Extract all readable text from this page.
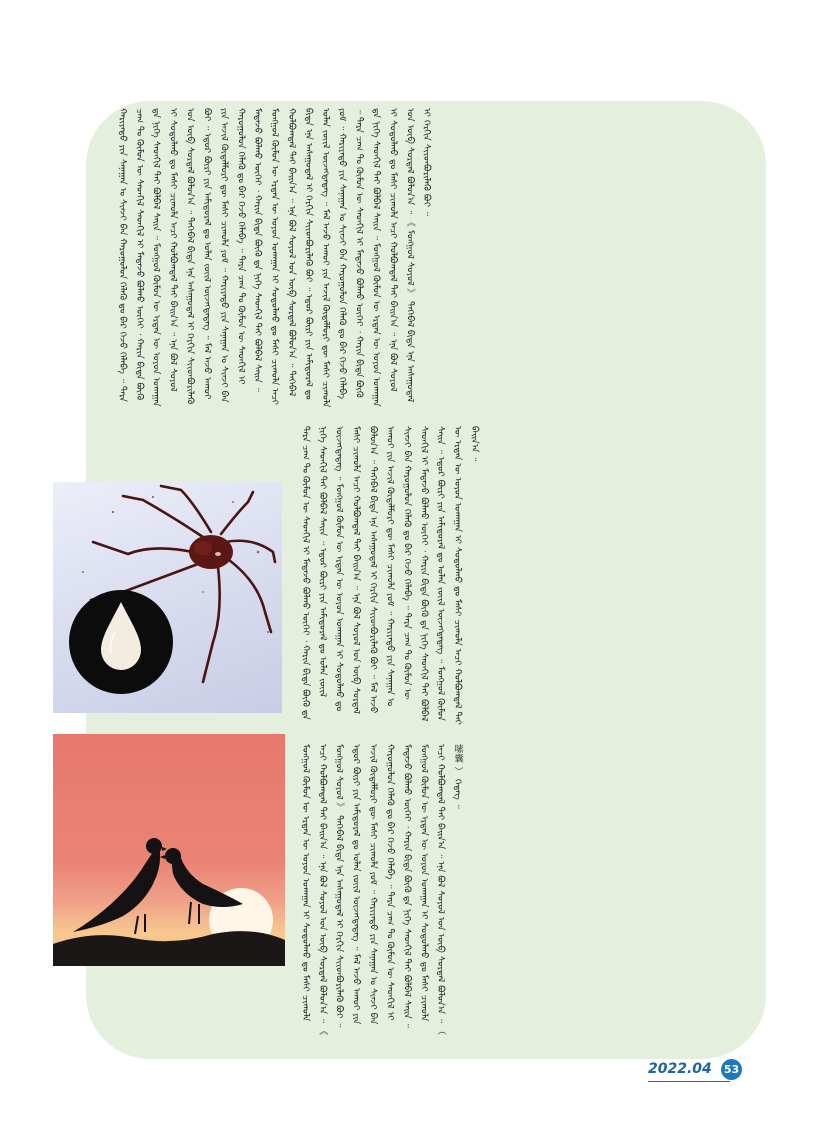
ᠬᠠᠷᠢᠶᠠᠲᠤ ᠶᠢᠨ ᠰᠠᠨᠠᠭᠠᠨ ᠤ ᠰᠢᠨᠵᠢ ᠪᠠᠨ ᠬᠠᠷᠤᠭᠤᠯᠤᠨ ᠬᠡᠯᠡᠬᠦ ᠳᠤ ᠪᠡᠷ ᠭᠡᠵᠦ ᠬᠡᠯᠡᠪᠡ ᠃ ᠲᠡᠷᠡ ᠴᠠᠭ ᠲᠤ ᠬᠦᠮᠦᠨ ᠦ ᠰᠡᠳᠬᠢᠯ ᠰᠡᠳᠬᠢᠯ ᠢ ᠮᠡᠳᠡᠵᠦ ᠪᠣᠯᠬᠤ ᠦᠭᠡᠢ ᠂ ᠬᠠᠷᠢᠨ ᠪᠢᠳᠡ ᠪᠦᠬᠦ ᠳᠠ ᠨᠢᠭᠡ ᠰᠡᠳᠬᠢᠯ ᠲᠡᠢ ᠪᠣᠯᠪᠠᠯ ᠰᠠᠢᠨ ᠃ ᠮᠣᠩᠭᠣᠯ ᠬᠦᠮᠦᠨ ᠦ ᠡᠷᠲᠡᠨ ᠦ ᠣᠶᠤᠨ ᠤᠬᠠᠭᠠᠨ ᠢ ᠰᠤᠳᠤᠯᠬᠤ ᠳᠤ ᠮᠠᠰᠢ ᠴᠢᠬᠤᠯᠠ ᠠᠴᠢ ᠬᠣᠯᠪᠣᠭᠳᠠᠯ ᠲᠠᠢ ᠪᠠᠢᠨ᠎ᠠ ᠃ ᠡᠨᠡ ᠪᠣᠯ ᠰᠣᠶᠣᠯ ᠤᠨ ᠦᠪ ᠰᠤᠷᠲᠠᠯ ᠪᠣᠯᠤᠨ᠎ᠠ ᠃ ᠲᠡᠭᠡᠪᠡᠯ ᠪᠢᠳᠡ ᠡᠨᠡ ᠠᠰᠠᠭᠤᠳᠠᠯ ᠢ ᠬᠡᠷᠬᠢᠨ ᠰᠢᠢᠳᠪᠦᠷᠢᠯᠡᠬᠦ ᠪᠤᠢ ᠃ ᠡᠳᠦᠷ ᠪᠦᠷᠢ ᠶᠢᠨ ᠠᠮᠢᠳᠤᠷᠠᠯ ᠳᠤ ᠣᠯᠠᠨ ᠵᠦᠢᠯ ᠦᠵᠡᠭᠳᠡᠳᠡᠭ ᠃ ᠮᠠᠯ ᠠᠵᠤ ᠠᠬᠤᠢ ᠶᠢᠨ ᠠᠵᠢᠯ ᠬᠥᠳᠡᠯᠮᠦᠷᠢ ᠳᠦ ᠮᠠᠰᠢ ᠴᠢᠬᠤᠯᠠ ᠶᠤᠮ ᠃ ᠬᠠᠷᠢᠶᠠᠲᠤ ᠶᠢᠨ ᠰᠠᠨᠠᠭᠠᠨ ᠤ ᠰᠢᠨᠵᠢ ᠪᠠᠨ ᠬᠠᠷᠤᠭᠤᠯᠤᠨ ᠬᠡᠯᠡᠬᠦ ᠳᠤ ᠪᠡᠷ ᠭᠡᠵᠦ ᠬᠡᠯᠡᠪᠡ ᠃ ᠲᠡᠷᠡ ᠴᠠᠭ ᠲᠤ ᠬᠦᠮᠦᠨ ᠦ ᠰᠡᠳᠬᠢᠯ ᠢ ᠮᠡᠳᠡᠵᠦ ᠪᠣᠯᠬᠤ ᠦᠭᠡᠢ ᠂ ᠬᠠᠷᠢᠨ ᠪᠢᠳᠡ ᠪᠦᠬᠦ ᠳᠠ ᠨᠢᠭᠡ ᠰᠡᠳᠬᠢᠯ ᠲᠡᠢ ᠪᠣᠯᠪᠠᠯ ᠰᠠᠢᠨ ᠃ ᠮᠣᠩᠭᠣᠯ ᠬᠦᠮᠦᠨ ᠦ ᠡᠷᠲᠡᠨ ᠦ ᠣᠶᠤᠨ ᠤᠬᠠᠭᠠᠨ ᠢ ᠰᠤᠳᠤᠯᠬᠤ ᠳᠤ ᠮᠠᠰᠢ ᠴᠢᠬᠤᠯᠠ ᠠᠴᠢ ᠬᠣᠯᠪᠣᠭᠳᠠᠯ ᠲᠠᠢ ᠪᠠᠢᠨ᠎ᠠ ᠃ ᠡᠨᠡ ᠪᠣᠯ ᠰᠣᠶᠣᠯ ᠤᠨ ᠦᠪ ᠰᠤᠷᠲᠠᠯ ᠪᠣᠯᠤᠨ᠎ᠠ ᠃ ᠲᠡᠭᠡᠪᠡᠯ ᠪᠢᠳᠡ ᠡᠨᠡ ᠠᠰᠠᠭᠤᠳᠠᠯ ᠢ ᠬᠡᠷᠬᠢᠨ ᠰᠢᠢᠳᠪᠦᠷᠢᠯᠡᠬᠦ ᠪᠤᠢ ᠃ ᠡᠳᠦᠷ ᠪᠦᠷᠢ ᠶᠢᠨ ᠠᠮᠢᠳᠤᠷᠠᠯ ᠳᠤ ᠣᠯᠠᠨ ᠵᠦᠢᠯ ᠦᠵᠡᠭᠳᠡᠳᠡᠭ ᠃ ᠮᠠᠯ ᠠᠵᠤ ᠠᠬᠤᠢ ᠶᠢᠨ ᠠᠵᠢᠯ ᠬᠥᠳᠡᠯᠮᠦᠷᠢ ᠳᠦ ᠮᠠᠰᠢ ᠴᠢᠬᠤᠯᠠ ᠶᠤᠮ ᠃ ᠬᠠᠷᠢᠶᠠᠲᠤ ᠶᠢᠨ ᠰᠠᠨᠠᠭᠠᠨ ᠤ ᠰᠢᠨᠵᠢ ᠪᠠᠨ ᠬᠠᠷᠤᠭᠤᠯᠤᠨ ᠬᠡᠯᠡᠬᠦ ᠳᠤ ᠪᠡᠷ ᠭᠡᠵᠦ ᠬᠡᠯᠡᠪᠡ ᠃ ᠲᠡᠷᠡ ᠴᠠᠭ ᠲᠤ ᠬᠦᠮᠦᠨ ᠦ ᠰᠡᠳᠬᠢᠯ ᠢ ᠮᠡᠳᠡᠵᠦ ᠪᠣᠯᠬᠤ ᠦᠭᠡᠢ ᠂ ᠬᠠᠷᠢᠨ ᠪᠢᠳᠡ ᠪᠦᠬᠦ ᠳᠠ ᠨᠢᠭᠡ ᠰᠡᠳᠬᠢᠯ ᠲᠡᠢ ᠪᠣᠯᠪᠠᠯ ᠰᠠᠢᠨ ᠃ ᠮᠣᠩᠭᠣᠯ ᠬᠦᠮᠦᠨ ᠦ ᠡᠷᠲᠡᠨ ᠦ ᠣᠶᠤᠨ ᠤᠬᠠᠭᠠᠨ ᠢ ᠰᠤᠳᠤᠯᠬᠤ ᠳᠤ ᠮᠠᠰᠢ ᠴᠢᠬᠤᠯᠠ ᠠᠴᠢ ᠬᠣᠯᠪᠣᠭᠳᠠᠯ ᠲᠠᠢ ᠪᠠᠢᠨ᠎ᠠ ᠃ ᠡᠨᠡ ᠪᠣᠯ ᠰᠣᠶᠣᠯ ᠤᠨ ᠦᠪ ᠰᠤᠷᠲᠠᠯ ᠪᠣᠯᠤᠨ᠎ᠠ ᠃ 《 ᠮᠣᠩᠭᠣᠯ ᠰᠣᠶᠣᠯ 》 ᠲᠡᠭᠡᠪᠡᠯ ᠪᠢᠳᠡ ᠡᠨᠡ ᠠᠰᠠᠭᠤᠳᠠᠯ ᠢ ᠬᠡᠷᠬᠢᠨ ᠰᠢᠢᠳᠪᠦᠷᠢᠯᠡᠬᠦ ᠪᠤᠢ ᠃
ᠲᠡᠷᠡ ᠴᠠᠭ ᠲᠤ ᠬᠦᠮᠦᠨ ᠦ ᠰᠡᠳᠬᠢᠯ ᠢ ᠮᠡᠳᠡᠵᠦ ᠪᠣᠯᠬᠤ ᠦᠭᠡᠢ ᠂ ᠬᠠᠷᠢᠨ ᠪᠢᠳᠡ ᠪᠦᠬᠦ ᠳᠠ ᠨᠢᠭᠡ ᠰᠡᠳᠬᠢᠯ ᠲᠡᠢ ᠪᠣᠯᠪᠠᠯ ᠰᠠᠢᠨ ᠃ ᠡᠳᠦᠷ ᠪᠦᠷᠢ ᠶᠢᠨ ᠠᠮᠢᠳᠤᠷᠠᠯ ᠳᠤ ᠣᠯᠠᠨ ᠵᠦᠢᠯ ᠦᠵᠡᠭᠳᠡᠳᠡᠭ ᠃ ᠮᠣᠩᠭᠣᠯ ᠬᠦᠮᠦᠨ ᠦ ᠡᠷᠲᠡᠨ ᠦ ᠣᠶᠤᠨ ᠤᠬᠠᠭᠠᠨ ᠢ ᠰᠤᠳᠤᠯᠬᠤ ᠳᠤ ᠮᠠᠰᠢ ᠴᠢᠬᠤᠯᠠ ᠠᠴᠢ ᠬᠣᠯᠪᠣᠭᠳᠠᠯ ᠲᠠᠢ ᠪᠠᠢᠨ᠎ᠠ ᠃ ᠡᠨᠡ ᠪᠣᠯ ᠰᠣᠶᠣᠯ ᠤᠨ ᠦᠪ ᠰᠤᠷᠲᠠᠯ ᠪᠣᠯᠤᠨ᠎ᠠ ᠃ ᠲᠡᠭᠡᠪᠡᠯ ᠪᠢᠳᠡ ᠡᠨᠡ ᠠᠰᠠᠭᠤᠳᠠᠯ ᠢ ᠬᠡᠷᠬᠢᠨ ᠰᠢᠢᠳᠪᠦᠷᠢᠯᠡᠬᠦ ᠪᠤᠢ ᠃ ᠮᠠᠯ ᠠᠵᠤ ᠠᠬᠤᠢ ᠶᠢᠨ ᠠᠵᠢᠯ ᠬᠥᠳᠡᠯᠮᠦᠷᠢ ᠳᠦ ᠮᠠᠰᠢ ᠴᠢᠬᠤᠯᠠ ᠶᠤᠮ ᠃ ᠬᠠᠷᠢᠶᠠᠲᠤ ᠶᠢᠨ ᠰᠠᠨᠠᠭᠠᠨ ᠤ ᠰᠢᠨᠵᠢ ᠪᠠᠨ ᠬᠠᠷᠤᠭᠤᠯᠤᠨ ᠬᠡᠯᠡᠬᠦ ᠳᠤ ᠪᠡᠷ ᠭᠡᠵᠦ ᠬᠡᠯᠡᠪᠡ ᠃ ᠲᠡᠷᠡ ᠴᠠᠭ ᠲᠤ ᠬᠦᠮᠦᠨ ᠦ ᠰᠡᠳᠬᠢᠯ ᠢ ᠮᠡᠳᠡᠵᠦ ᠪᠣᠯᠬᠤ ᠦᠭᠡᠢ ᠂ ᠬᠠᠷᠢᠨ ᠪᠢᠳᠡ ᠪᠦᠬᠦ ᠳᠠ ᠨᠢᠭᠡ ᠰᠡᠳᠬᠢᠯ ᠲᠡᠢ ᠪᠣᠯᠪᠠᠯ ᠰᠠᠢᠨ ᠃ ᠡᠳᠦᠷ ᠪᠦᠷᠢ ᠶᠢᠨ ᠠᠮᠢᠳᠤᠷᠠᠯ ᠳᠤ ᠣᠯᠠᠨ ᠵᠦᠢᠯ ᠦᠵᠡᠭᠳᠡᠳᠡᠭ ᠃ ᠮᠣᠩᠭᠣᠯ ᠬᠦᠮᠦᠨ ᠦ ᠡᠷᠲᠡᠨ ᠦ ᠣᠶᠤᠨ ᠤᠬᠠᠭᠠᠨ ᠢ ᠰᠤᠳᠤᠯᠬᠤ ᠳᠤ ᠮᠠᠰᠢ ᠴᠢᠬᠤᠯᠠ ᠠᠴᠢ ᠬᠣᠯᠪᠣᠭᠳᠠᠯ ᠲᠠᠢ ᠪᠠᠢᠨ᠎ᠠ ᠃
ᠮᠣᠩᠭᠣᠯ ᠬᠦᠮᠦᠨ ᠦ ᠡᠷᠲᠡᠨ ᠦ ᠣᠶᠤᠨ ᠤᠬᠠᠭᠠᠨ ᠢ ᠰᠤᠳᠤᠯᠬᠤ ᠳᠤ ᠮᠠᠰᠢ ᠴᠢᠬᠤᠯᠠ ᠠᠴᠢ ᠬᠣᠯᠪᠣᠭᠳᠠᠯ ᠲᠠᠢ ᠪᠠᠢᠨ᠎ᠠ ᠃ ᠡᠨᠡ ᠪᠣᠯ ᠰᠣᠶᠣᠯ ᠤᠨ ᠦᠪ ᠰᠤᠷᠲᠠᠯ ᠪᠣᠯᠤᠨ᠎ᠠ ᠃ 《 ᠮᠣᠩᠭᠣᠯ ᠰᠣᠶᠣᠯ 》 ᠲᠡᠭᠡᠪᠡᠯ ᠪᠢᠳᠡ ᠡᠨᠡ ᠠᠰᠠᠭᠤᠳᠠᠯ ᠢ ᠬᠡᠷᠬᠢᠨ ᠰᠢᠢᠳᠪᠦᠷᠢᠯᠡᠬᠦ ᠪᠤᠢ ᠃ ᠡᠳᠦᠷ ᠪᠦᠷᠢ ᠶᠢᠨ ᠠᠮᠢᠳᠤᠷᠠᠯ ᠳᠤ ᠣᠯᠠᠨ ᠵᠦᠢᠯ ᠦᠵᠡᠭᠳᠡᠳᠡᠭ ᠃ ᠮᠠᠯ ᠠᠵᠤ ᠠᠬᠤᠢ ᠶᠢᠨ ᠠᠵᠢᠯ ᠬᠥᠳᠡᠯᠮᠦᠷᠢ ᠳᠦ ᠮᠠᠰᠢ ᠴᠢᠬᠤᠯᠠ ᠶᠤᠮ ᠃ ᠬᠠᠷᠢᠶᠠᠲᠤ ᠶᠢᠨ ᠰᠠᠨᠠᠭᠠᠨ ᠤ ᠰᠢᠨᠵᠢ ᠪᠠᠨ ᠬᠠᠷᠤᠭᠤᠯᠤᠨ ᠬᠡᠯᠡᠬᠦ ᠳᠤ ᠪᠡᠷ ᠭᠡᠵᠦ ᠬᠡᠯᠡᠪᠡ ᠃ ᠲᠡᠷᠡ ᠴᠠᠭ ᠲᠤ ᠬᠦᠮᠦᠨ ᠦ ᠰᠡᠳᠬᠢᠯ ᠢ ᠮᠡᠳᠡᠵᠦ ᠪᠣᠯᠬᠤ ᠦᠭᠡᠢ ᠂ ᠬᠠᠷᠢᠨ ᠪᠢᠳᠡ ᠪᠦᠬᠦ ᠳᠠ ᠨᠢᠭᠡ ᠰᠡᠳᠬᠢᠯ ᠲᠡᠢ ᠪᠣᠯᠪᠠᠯ ᠰᠠᠢᠨ ᠃ ᠮᠣᠩᠭᠣᠯ ᠬᠦᠮᠦᠨ ᠦ ᠡᠷᠲᠡᠨ ᠦ ᠣᠶᠤᠨ ᠤᠬᠠᠭᠠᠨ ᠢ ᠰᠤᠳᠤᠯᠬᠤ ᠳᠤ ᠮᠠᠰᠢ ᠴᠢᠬᠤᠯᠠ ᠠᠴᠢ ᠬᠣᠯᠪᠣᠭᠳᠠᠯ ᠲᠠᠢ ᠪᠠᠢᠨ᠎ᠠ ᠃ ᠡᠨᠡ ᠪᠣᠯ ᠰᠣᠶᠣᠯ ᠤᠨ ᠦᠪ ᠰᠤᠷᠲᠠᠯ ᠪᠣᠯᠤᠨ᠎ᠠ ᠃ （ 嗉囊 ） ᠭᠡᠳᠡᠭ ᠃
2022.04 53
